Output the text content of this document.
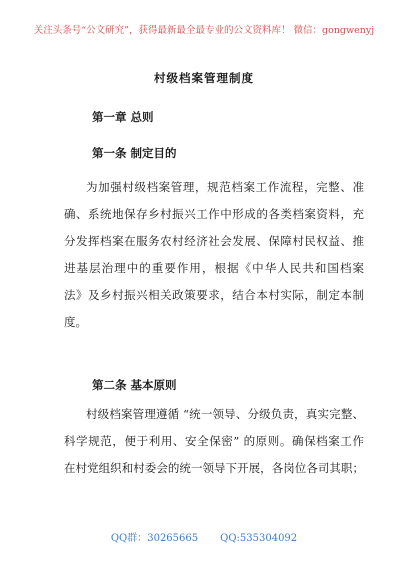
关注头条号“公文研究”，获得最新最全最专业的公文资料库！ 微信：gongwenyj
村级档案管理制度
第一章 总则
第一条 制定目的
为加强村级档案管理，规范档案工作流程，完整、准
确、系统地保存乡村振兴工作中形成的各类档案资料，充
分发挥档案在服务农村经济社会发展、保障村民权益、推
进基层治理中的重要作用，根据《中华人民共和国档案
法》及乡村振兴相关政策要求，结合本村实际，制定本制
度。
第二条 基本原则
村级档案管理遵循 “统一领导、分级负责，真实完整、
科学规范，便于利用、安全保密” 的原则。确保档案工作
在村党组织和村委会的统一领导下开展，各岗位各司其职；
QQ群：30265665 QQ:535304092
